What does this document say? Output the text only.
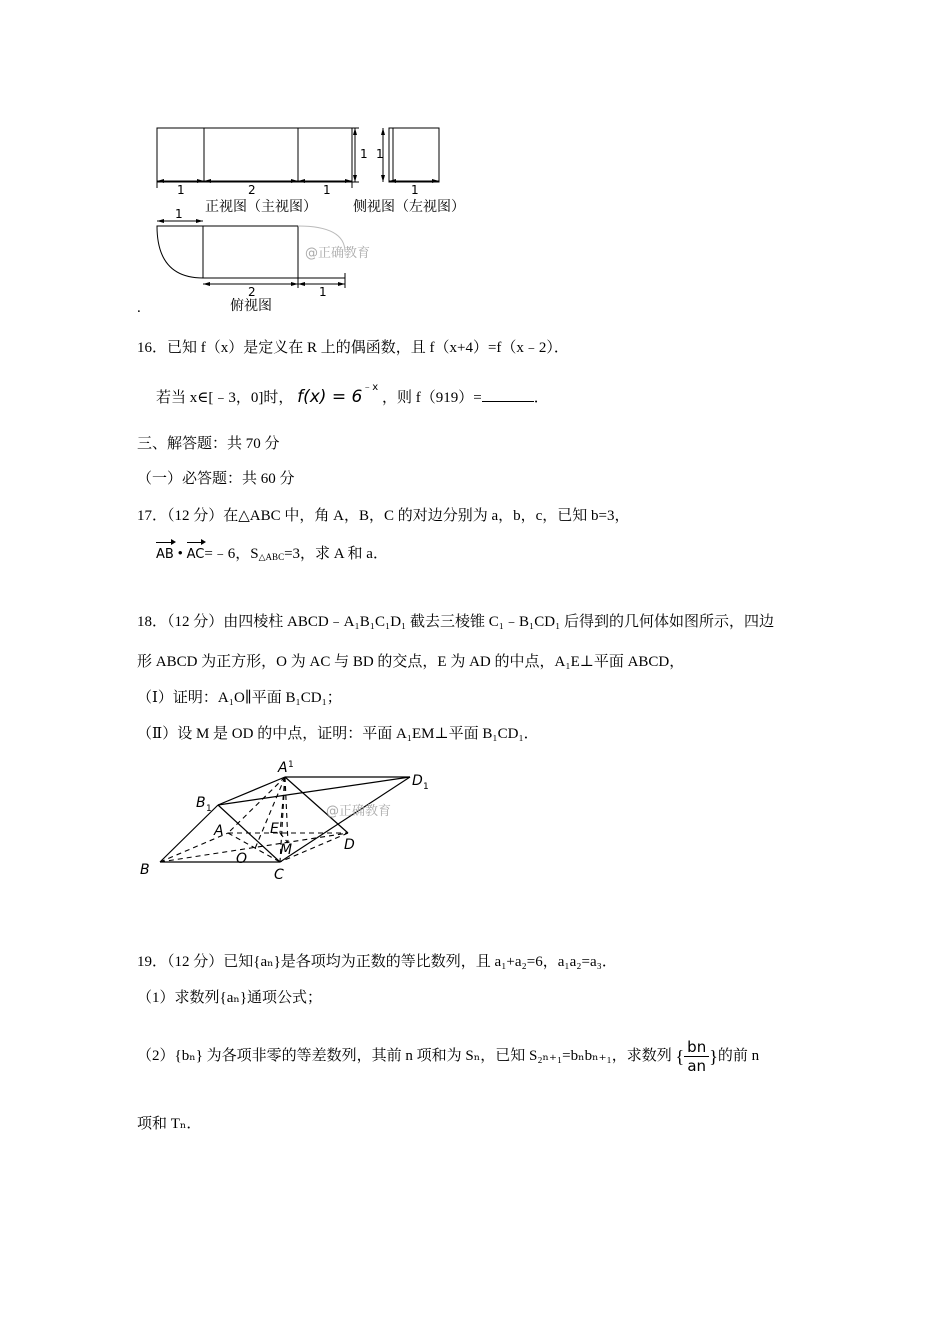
1	2	1
1 1
1
1
2	1
正视图（主视图）	侧视图（左视图）
俯视图
@正确教育
.
16．已知 f（x）是定义在 R 上的偶函数，且 f（x+4）=f（x﹣2）．
若当 x∈[﹣3，0]时， $f(x) = 6^{﹣x}$ ，则 f（919）=	．
三、解答题：共 70 分
（一）必答题：共 60 分
17．（12 分）在△ABC 中，角 A，B，C 的对边分别为 a，b，c，已知 b=3，
AB • AC=﹣6，$S_{\triangle ABC}=3$，求 A 和 a．
18．（12 分）由四棱柱 ABCD﹣A₁B₁C₁D₁ 截去三棱锥 C₁﹣B₁CD₁ 后得到的几何体如图所示，四边
形 ABCD 为正方形，O 为 AC 与 BD 的交点，E 为 AD 的中点，A₁E⊥平面 ABCD，
（Ⅰ）证明：A₁O∥平面 B₁CD₁；
（Ⅱ）设 M 是 OD 的中点，证明：平面 A₁EM⊥平面 B₁CD₁．
A 1
B 1
D 1
A
B	C
D
E
O
M
@正确教育
19．（12 分）已知{aₙ}是各项均为正数的等比数列，且 a₁+a₂=6，a₁a₂=a₃．
（1）求数列{aₙ}通项公式；
（2）{bₙ} 为各项非零的等差数列，其前 n 项和为 Sₙ，已知 S₂ₙ₊₁=bₙbₙ₊₁，求数列 { $\frac{bn}{an}$ }的前 n
项和 Tₙ．
